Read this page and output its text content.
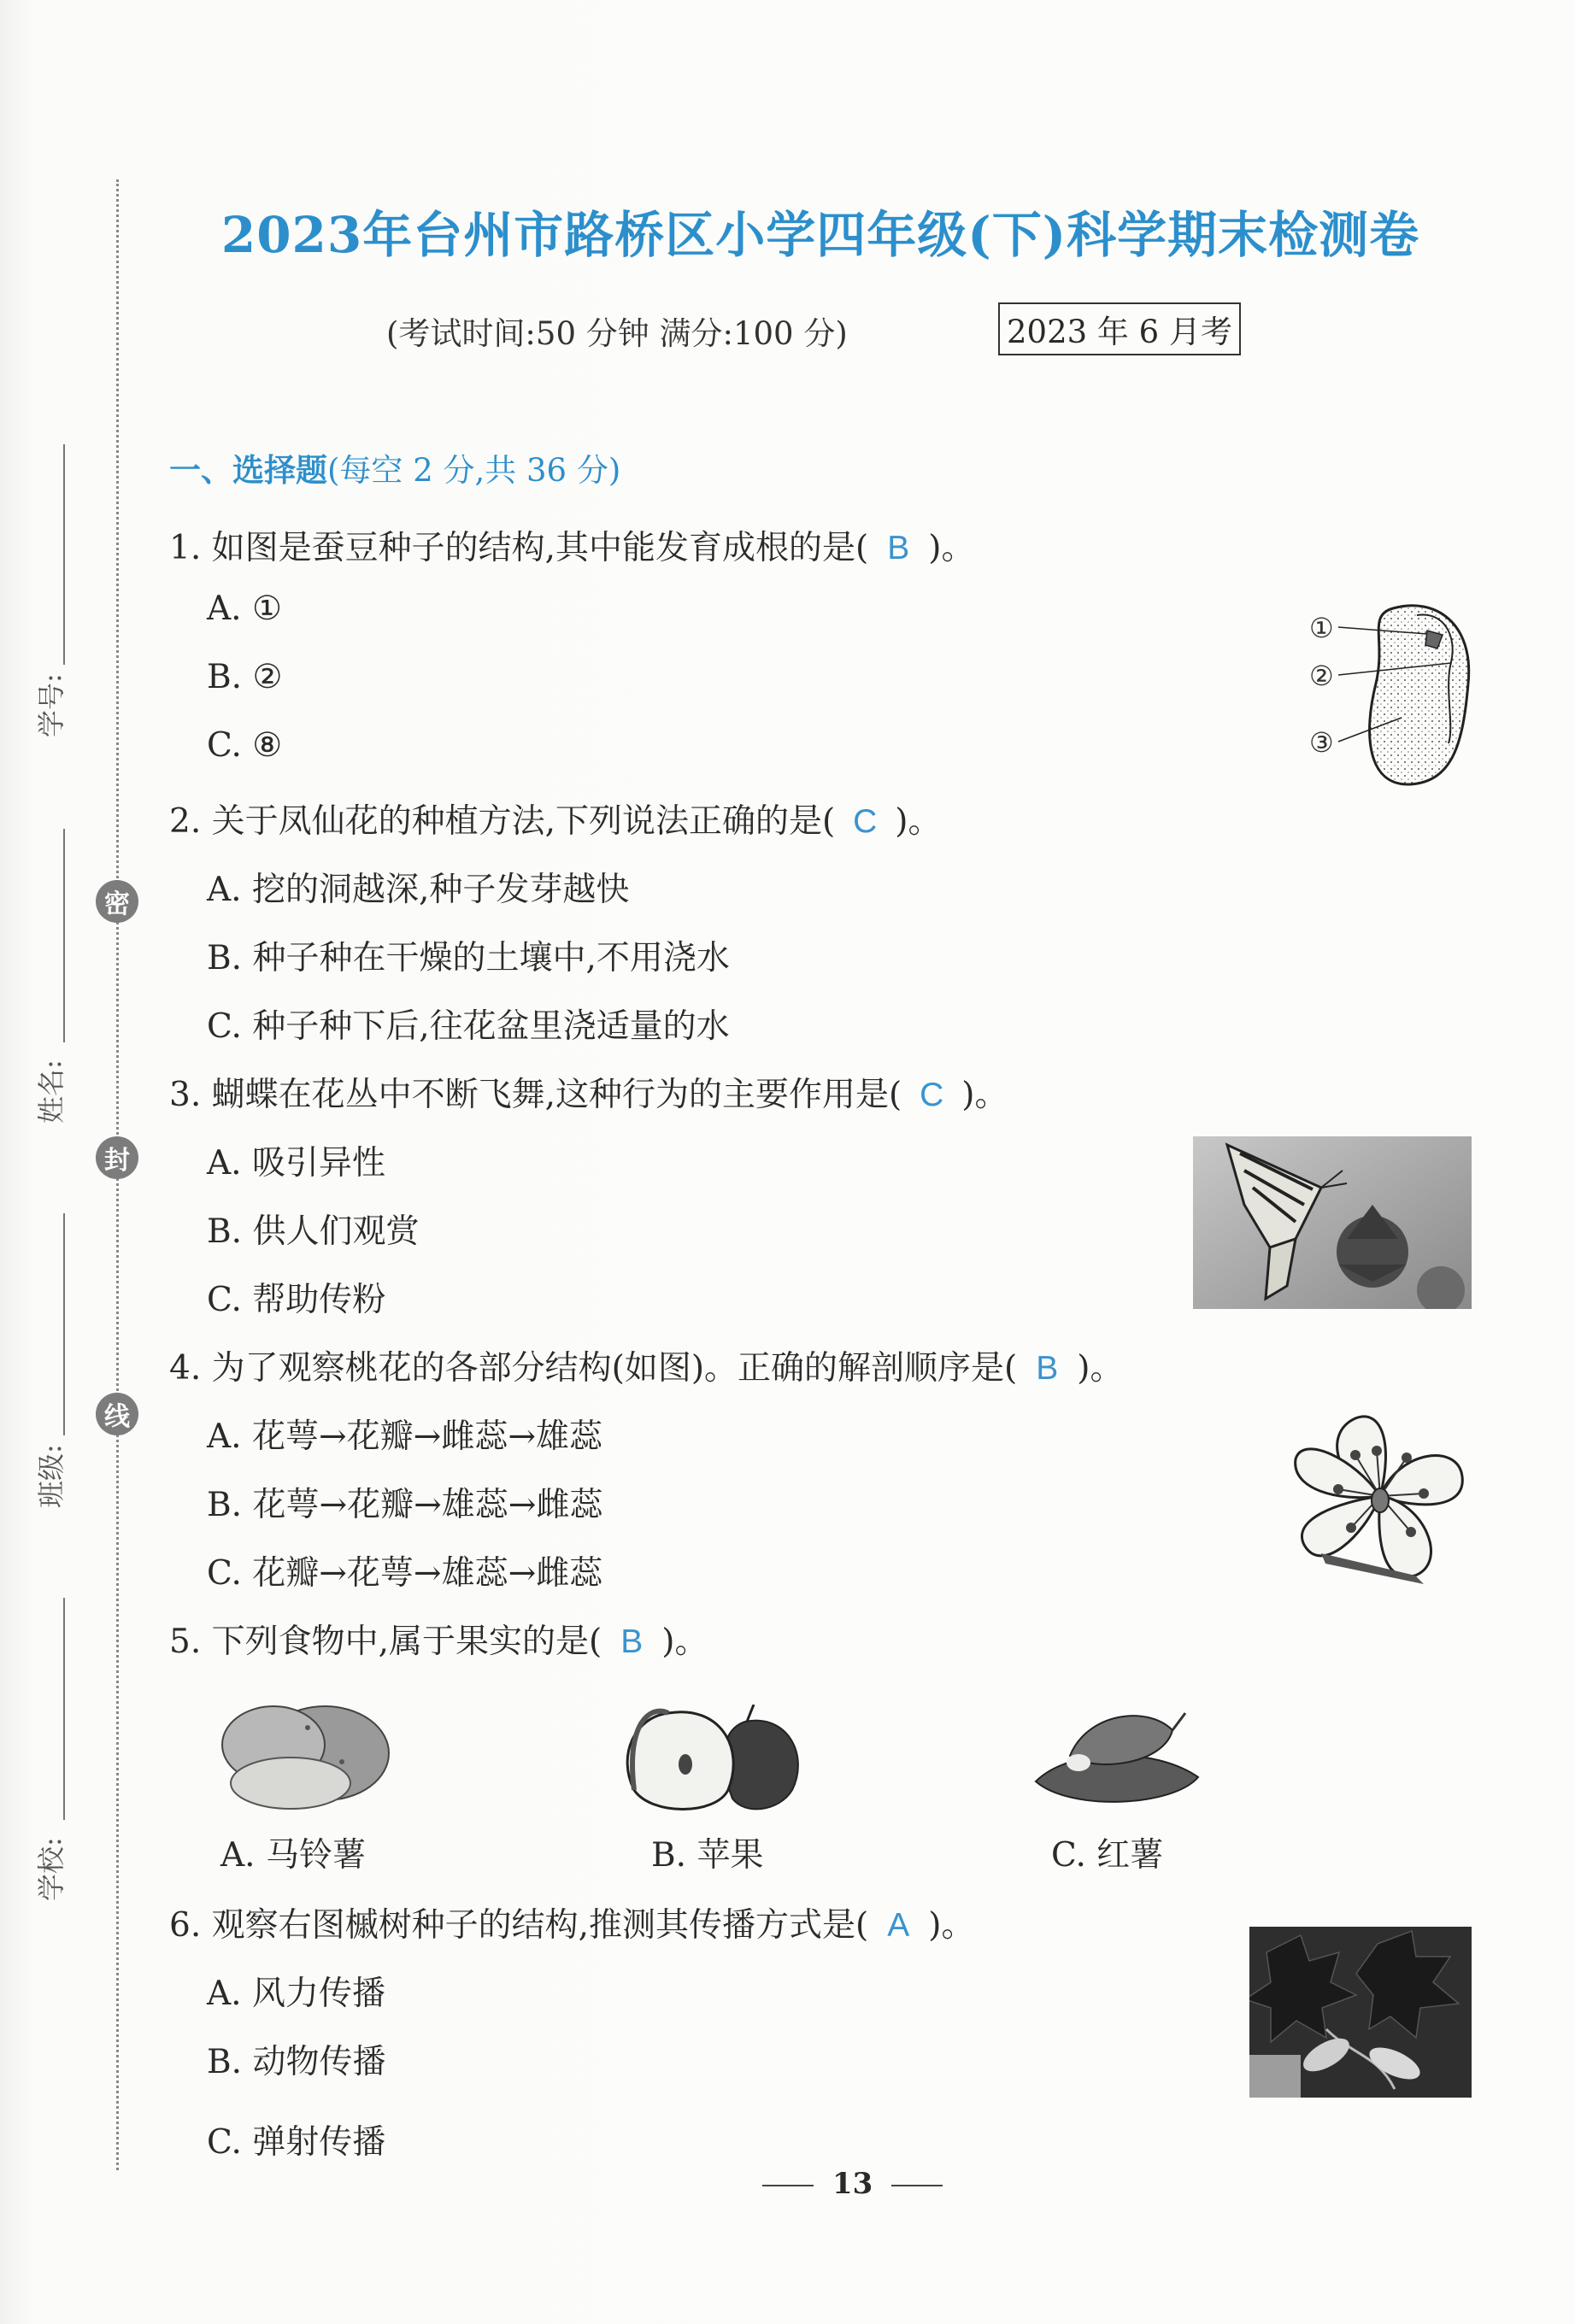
学号:
姓名:
班级:
学校:
密
封
线
2023年台州市路桥区小学四年级(下)科学期末检测卷
(考试时间:50 分钟 满分:100 分)	2023 年 6 月考
一、选择题(每空 2 分,共 36 分)
1. 如图是蚕豆种子的结构,其中能发育成根的是( B )。
A. ①
B. ②
C. ⑧
①
②
③
2. 关于凤仙花的种植方法,下列说法正确的是( C )。
A. 挖的洞越深,种子发芽越快
B. 种子种在干燥的土壤中,不用浇水
C. 种子种下后,往花盆里浇适量的水
3. 蝴蝶在花丛中不断飞舞,这种行为的主要作用是( C )。
A. 吸引异性
B. 供人们观赏
C. 帮助传粉
4. 为了观察桃花的各部分结构(如图)。正确的解剖顺序是( B )。
A. 花萼→花瓣→雌蕊→雄蕊
B. 花萼→花瓣→雄蕊→雌蕊
C. 花瓣→花萼→雄蕊→雌蕊
5. 下列食物中,属于果实的是( B )。
A. 马铃薯	B. 苹果	C. 红薯
6. 观察右图槭树种子的结构,推测其传播方式是( A )。
A. 风力传播
B. 动物传播
C. 弹射传播
13
